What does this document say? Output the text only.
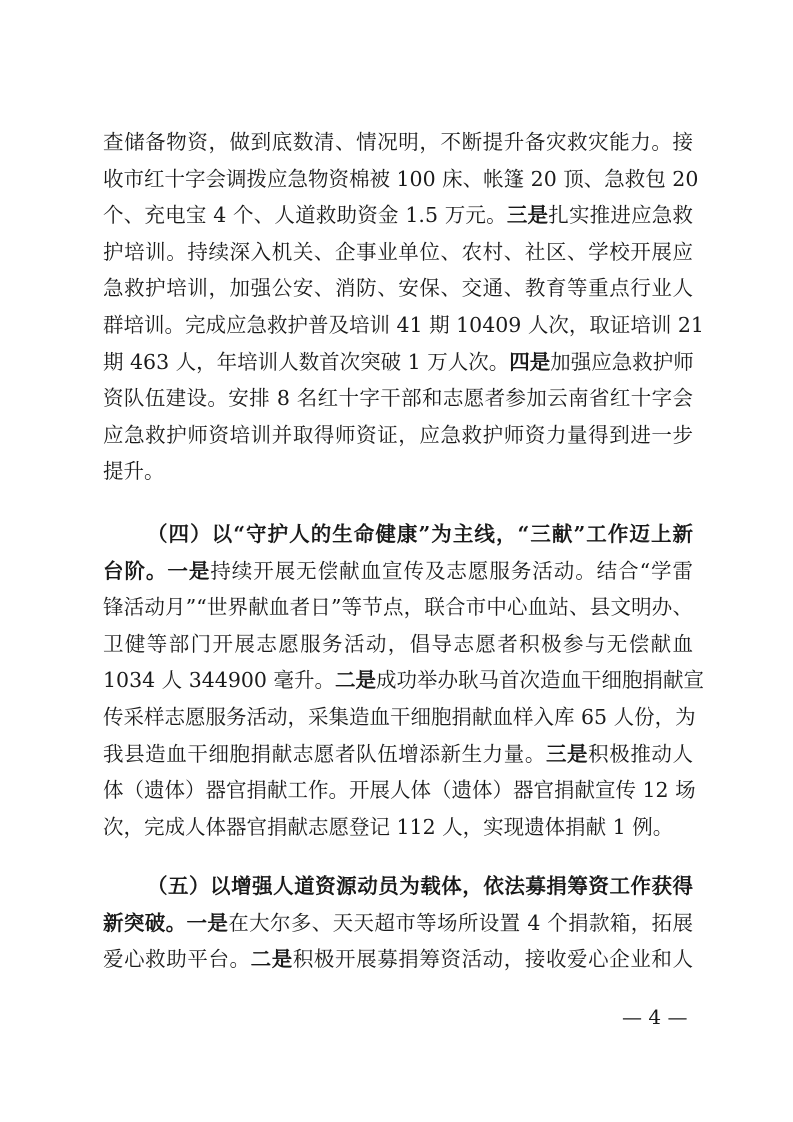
查储备物资，做到底数清、情况明，不断提升备灾救灾能力。接
收市红十字会调拨应急物资棉被 100 床、帐篷 20 顶、急救包 20
个、充电宝 4 个、人道救助资金 1.5 万元。三是扎实推进应急救
护培训。持续深入机关、企事业单位、农村、社区、学校开展应
急救护培训，加强公安、消防、安保、交通、教育等重点行业人
群培训。完成应急救护普及培训 41 期 10409 人次，取证培训 21
期 463 人，年培训人数首次突破 1 万人次。四是加强应急救护师
资队伍建设。安排 8 名红十字干部和志愿者参加云南省红十字会
应急救护师资培训并取得师资证，应急救护师资力量得到进一步
提升。
（四）以“守护人的生命健康”为主线，“三献”工作迈上新
台阶。一是持续开展无偿献血宣传及志愿服务活动。结合“学雷
锋活动月”“世界献血者日”等节点，联合市中心血站、县文明办、
卫健等部门开展志愿服务活动，倡导志愿者积极参与无偿献血
1034 人 344900 毫升。二是成功举办耿马首次造血干细胞捐献宣
传采样志愿服务活动，采集造血干细胞捐献血样入库 65 人份，为
我县造血干细胞捐献志愿者队伍增添新生力量。三是积极推动人
体（遗体）器官捐献工作。开展人体（遗体）器官捐献宣传 12 场
次，完成人体器官捐献志愿登记 112 人，实现遗体捐献 1 例。
（五）以增强人道资源动员为载体，依法募捐筹资工作获得
新突破。一是在大尔多、天天超市等场所设置 4 个捐款箱，拓展
爱心救助平台。二是积极开展募捐筹资活动，接收爱心企业和人
— 4 —
